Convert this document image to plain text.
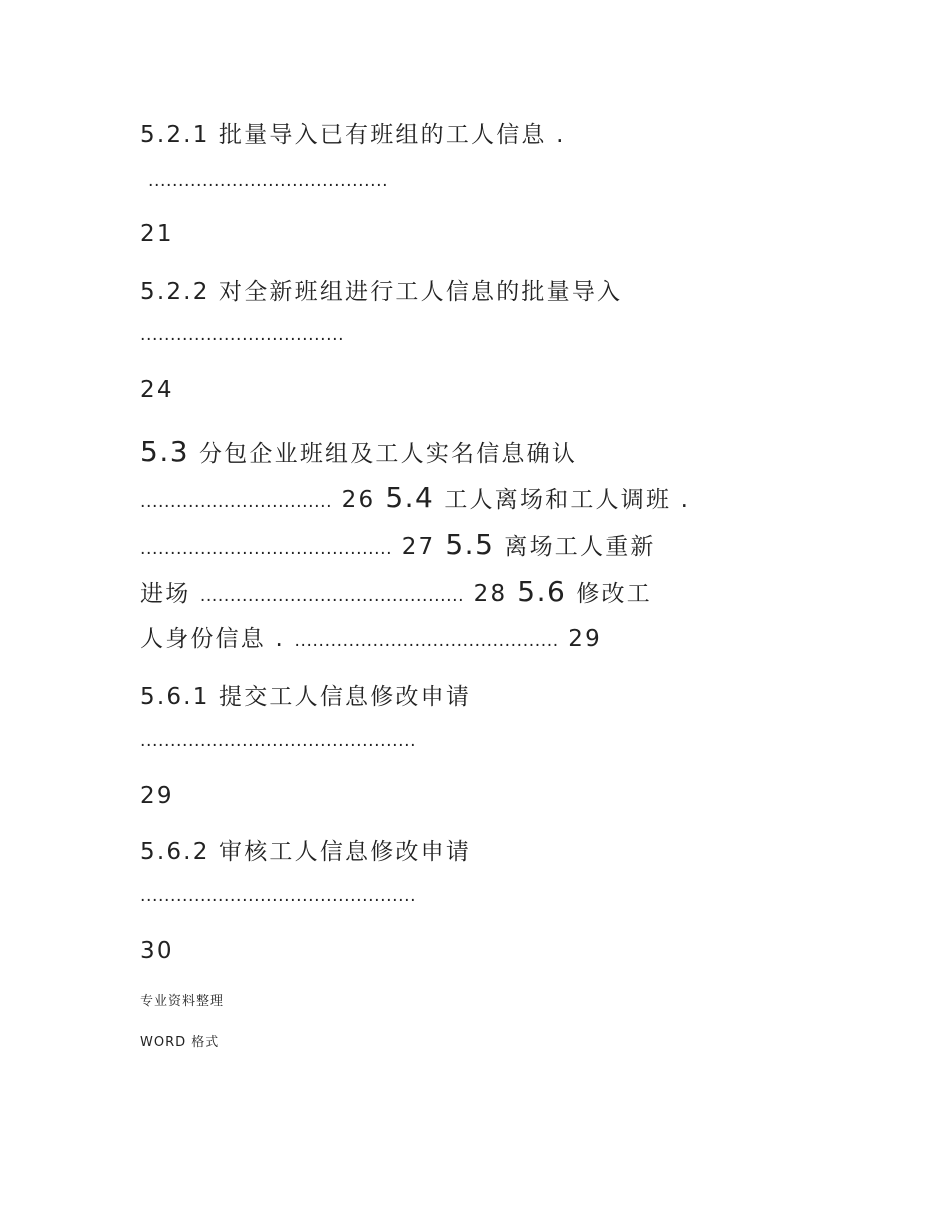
5.2.1 批量导入已有班组的工人信息 .
........................................
21
5.2.2 对全新班组进行工人信息的批量导入
..................................
24
5.3 分包企业班组及工人实名信息确认
................................ 26 5.4 工人离场和工人调班 .
.......................................... 27 5.5 离场工人重新
进场 ............................................ 28 5.6 修改工
人身份信息 . ............................................ 29
5.6.1 提交工人信息修改申请
..............................................
29
5.6.2 审核工人信息修改申请
..............................................
30
专业资料整理
WORD 格式
